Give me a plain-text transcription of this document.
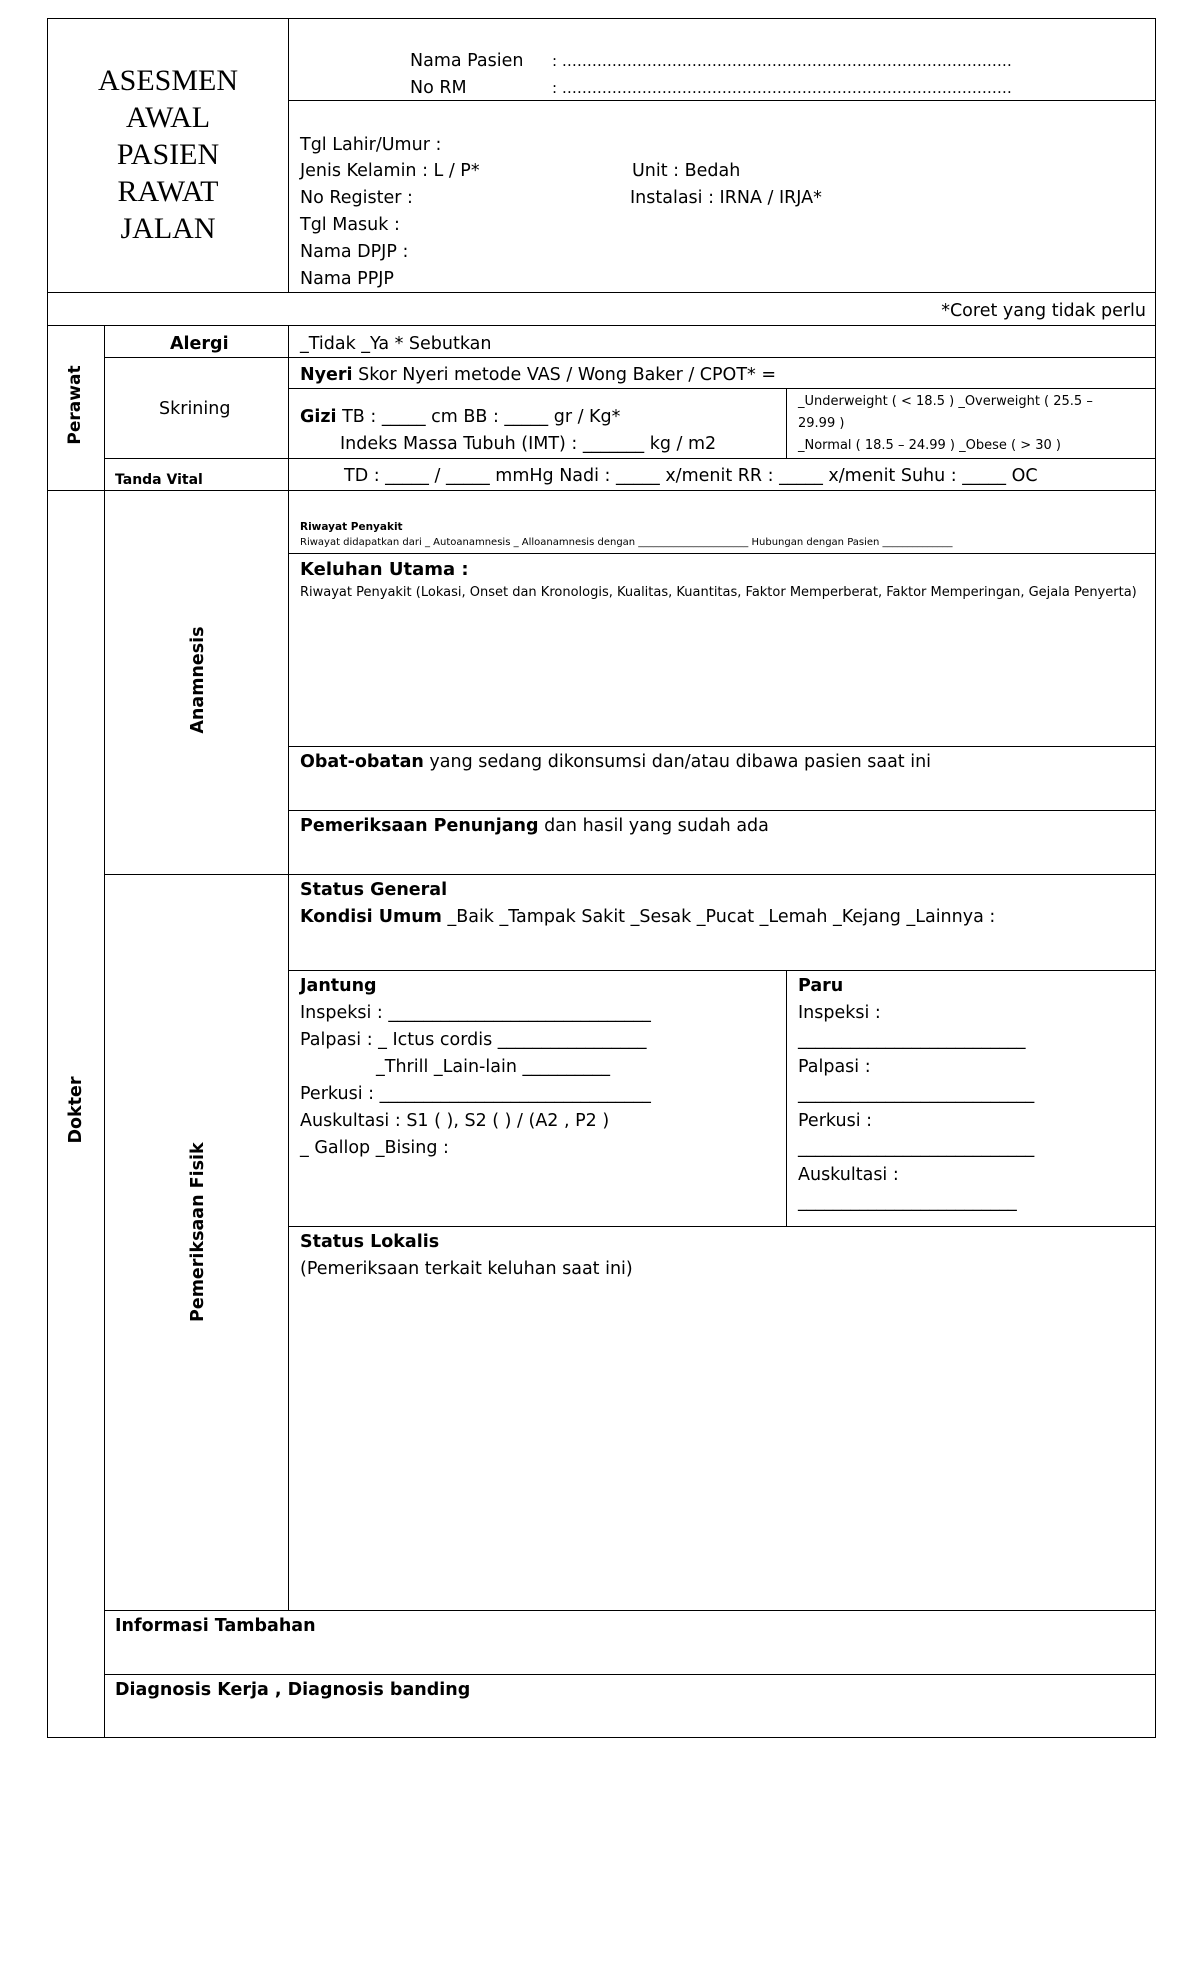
ASESMEN
AWAL
PASIEN
RAWAT
JALAN
Nama Pasien : ………………………………………………………………………………
No RM	: ………………………………………………………………………………
Tgl Lahir/Umur :
Jenis Kelamin : L / P*
No Register :
Tgl Masuk :
Nama DPJP :
Nama PPJP
Unit : Bedah
Instalasi : IRNA / IRJA*
*Coret yang tidak perlu
Perawat
Alergi	_Tidak _Ya * Sebutkan
Skrining
Nyeri Skor Nyeri metode VAS / Wong Baker / CPOT* =
Gizi TB : _____ cm BB : _____ gr / Kg*
Indeks Massa Tubuh (IMT) : _______ kg / m2
_Underweight ( < 18.5 ) _Overweight ( 25.5 –
29.99 )
_Normal ( 18.5 – 24.99 ) _Obese ( > 30 )
Tanda Vital	TD : _____ / _____ mmHg Nadi : _____ x/menit RR : _____ x/menit Suhu : _____ OC
Dokter
Anamnesis
Riwayat Penyakit
Riwayat didapatkan dari _ Autoanamnesis _ Alloanamnesis dengan ______________________ Hubungan dengan Pasien ______________
Keluhan Utama :
Riwayat Penyakit (Lokasi, Onset dan Kronologis, Kualitas, Kuantitas, Faktor Memperberat, Faktor Memperingan, Gejala Penyerta)
Obat-obatan yang sedang dikonsumsi dan/atau dibawa pasien saat ini
Pemeriksaan Penunjang dan hasil yang sudah ada
Pemeriksaan Fisik
Status General
Kondisi Umum _Baik _Tampak Sakit _Sesak _Pucat _Lemah _Kejang _Lainnya :
Jantung
Inspeksi : ______________________________
Palpasi : _ Ictus cordis _________________
_Thrill _Lain-lain __________
Perkusi : _______________________________
Auskultasi : S1 ( ), S2 ( ) / (A2 , P2 )
_ Gallop _Bising :
Paru
Inspeksi :
__________________________
Palpasi :
___________________________
Perkusi :
___________________________
Auskultasi :
_________________________
Status Lokalis
(Pemeriksaan terkait keluhan saat ini)
Informasi Tambahan
Diagnosis Kerja , Diagnosis banding
